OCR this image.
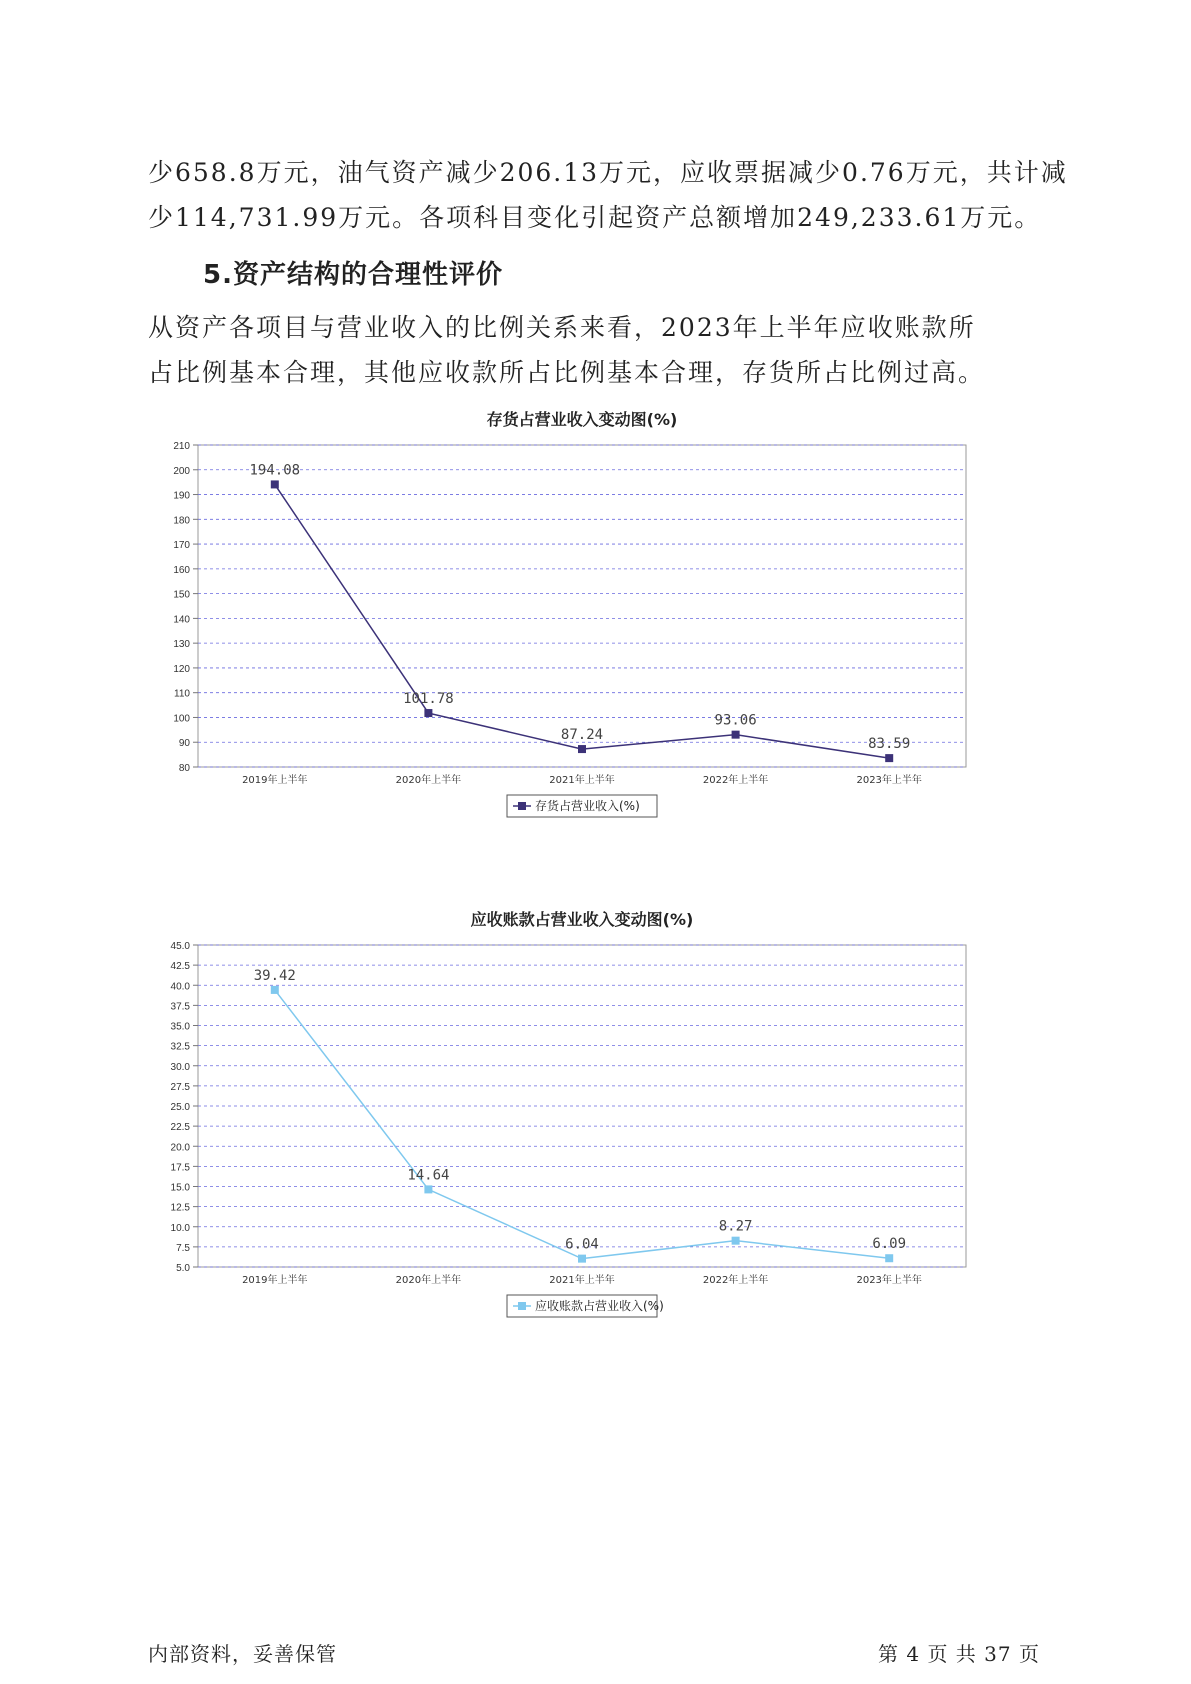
少658.8万元，油气资产减少206.13万元，应收票据减少0.76万元，共计减
少114,731.99万元。各项科目变化引起资产总额增加249,233.61万元。
5.资产结构的合理性评价
从资产各项目与营业收入的比例关系来看，2023年上半年应收账款所
占比例基本合理，其他应收款所占比例基本合理，存货所占比例过高。
存货占营业收入变动图(%)
80
90
100
110
120
130
140
150
160
170
180
190
200
210
2019年上半年	2020年上半年	2021年上半年	2022年上半年	2023年上半年
194.08
101.78
87.24
93.06
83.59
存货占营业收入(%)
应收账款占营业收入变动图(%)
5.0
7.5
10.0
12.5
15.0
17.5
20.0
22.5
25.0
27.5
30.0
32.5
35.0
37.5
40.0
42.5
45.0
2019年上半年	2020年上半年	2021年上半年	2022年上半年	2023年上半年
39.42
14.64
6.04
8.27
6.09
应收账款占营业收入(%)
内部资料，妥善保管	第 4 页 共 37 页
